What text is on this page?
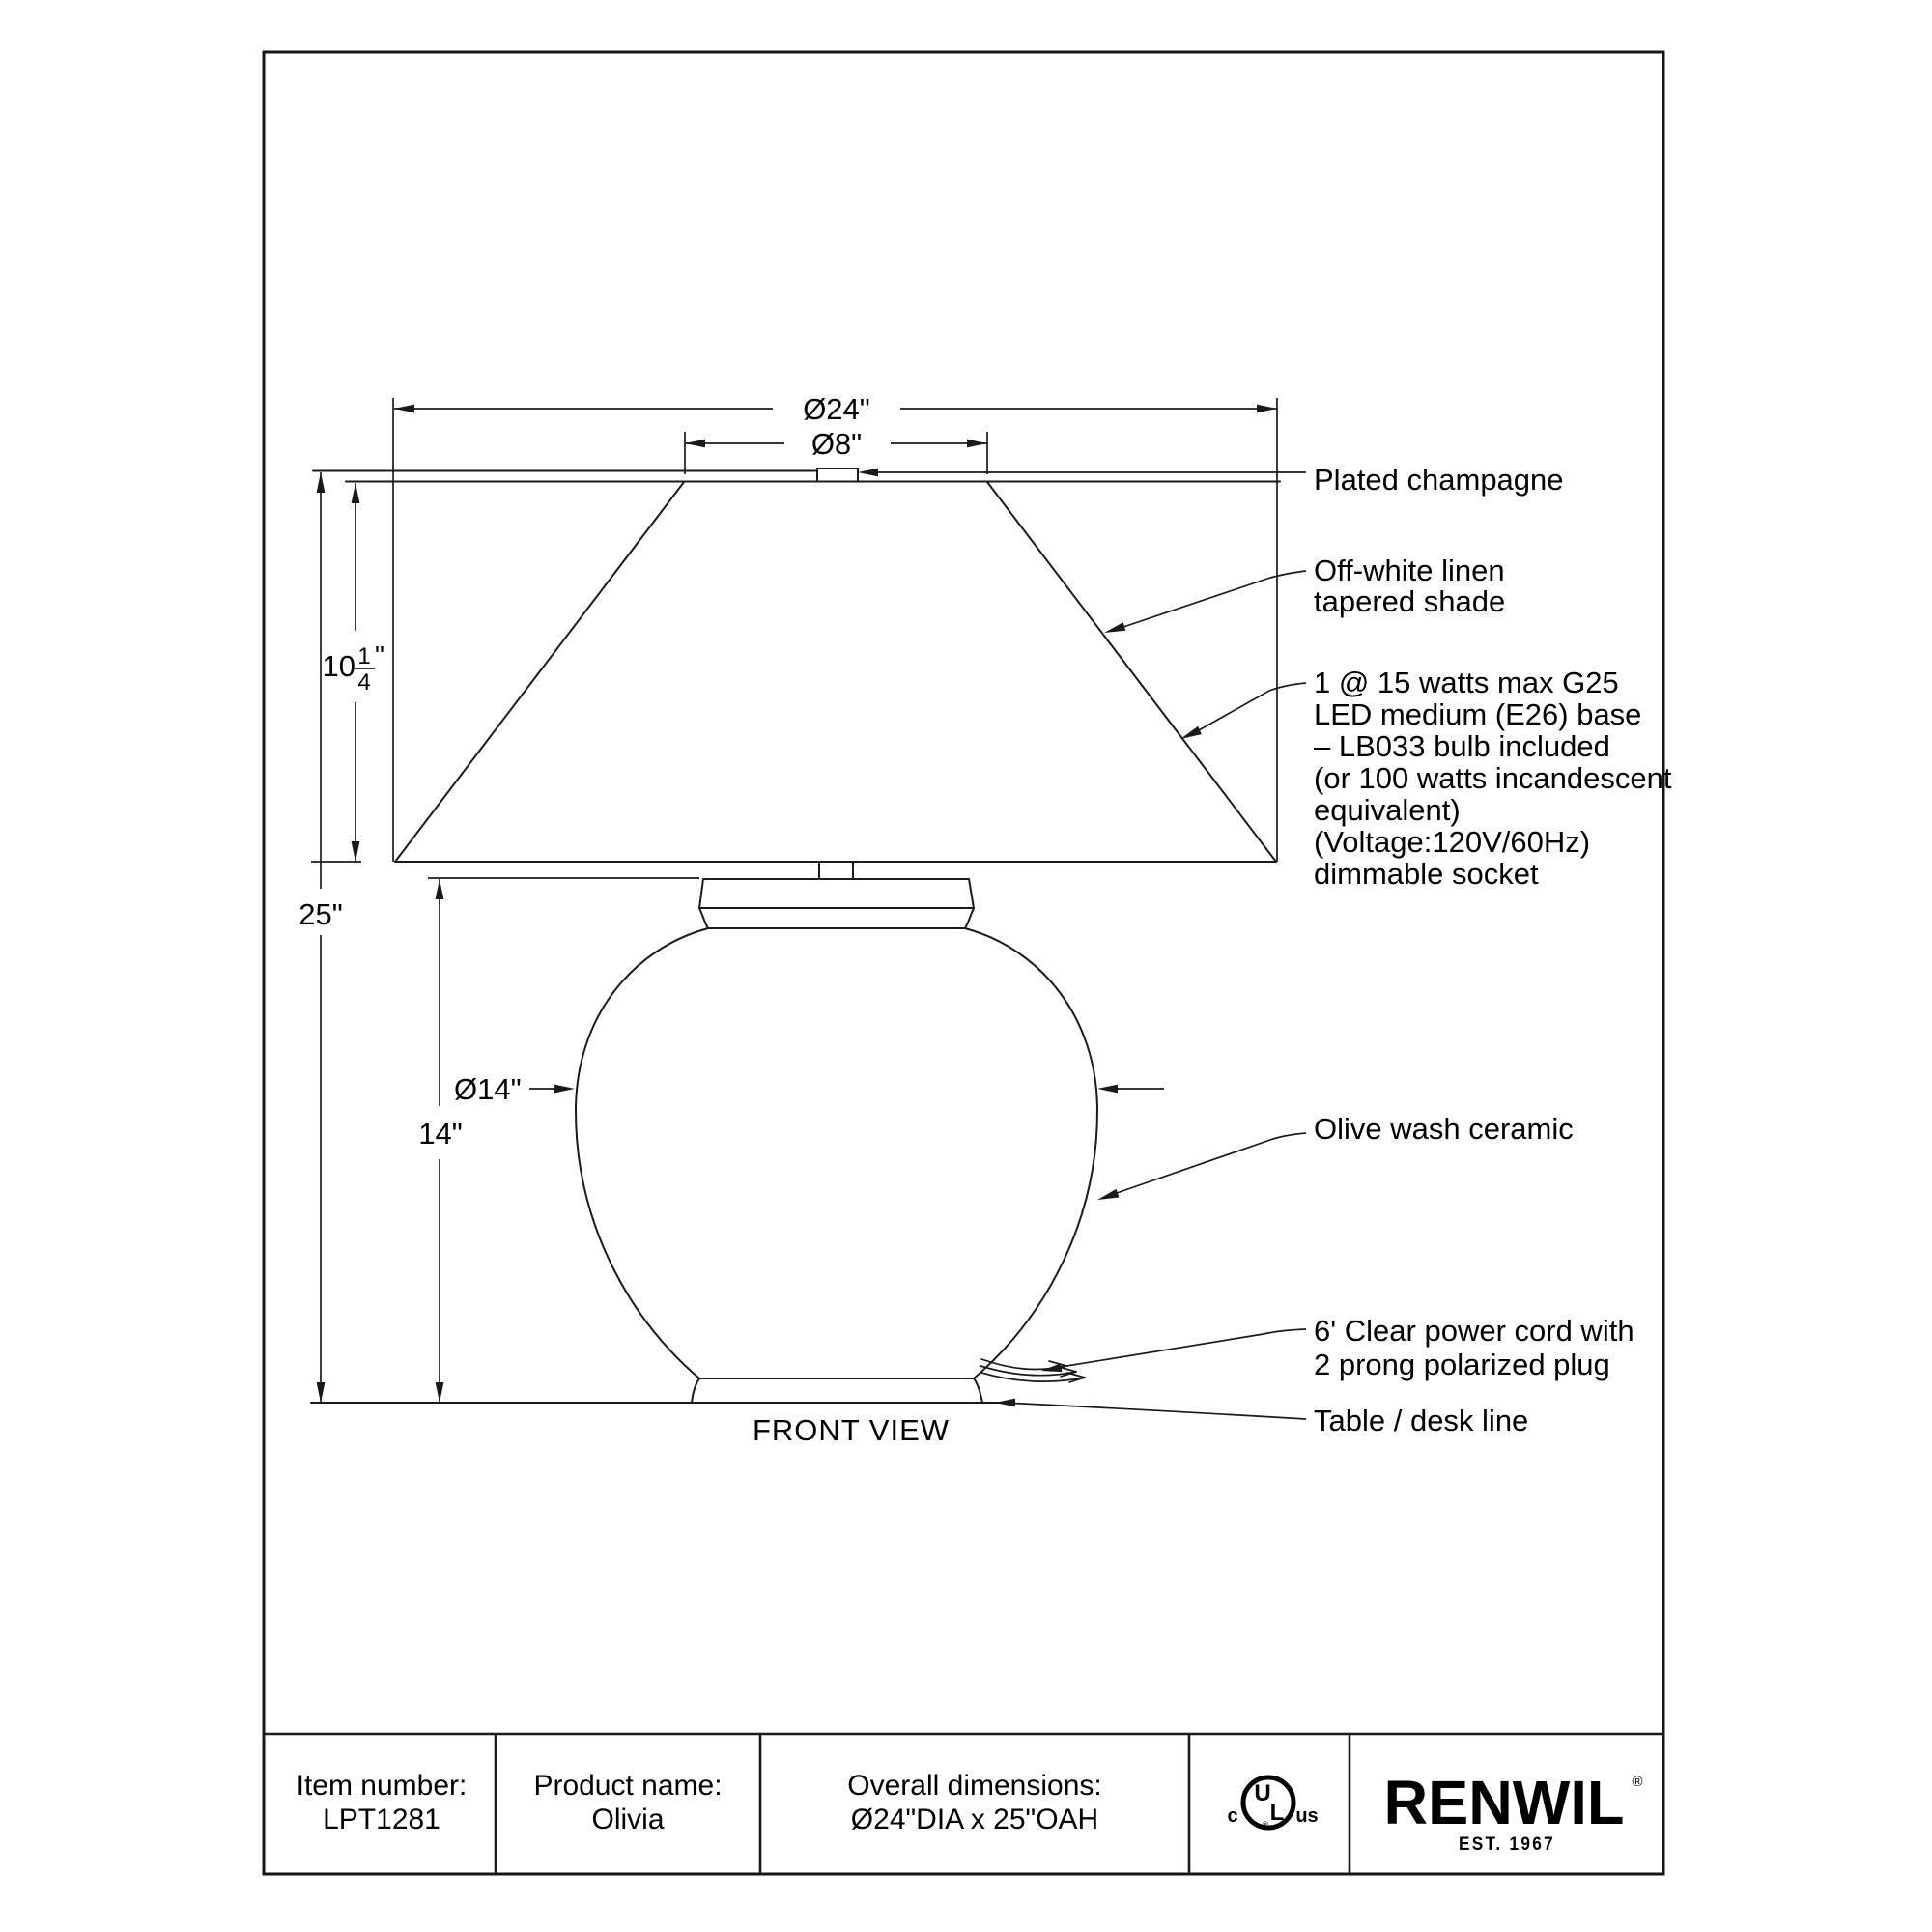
Ø24"
Ø8"
10 1
4
"
25"
14"
Ø14"
Plated champagne
Off-white linen
tapered shade
1 @ 15 watts max G25
LED medium (E26) base
– LB033 bulb included
(or 100 watts incandescent
equivalent)
(Voltage:120V/60Hz)
dimmable socket
Olive wash ceramic
6' Clear power cord with
2 prong polarized plug
Table / desk line
FRONT VIEW
Item number:
LPT1281
Product name:
Olivia
Overall dimensions:
Ø24"DIA x 25"OAH
U
L
®
c	us RENWIL ®
EST. 1967
